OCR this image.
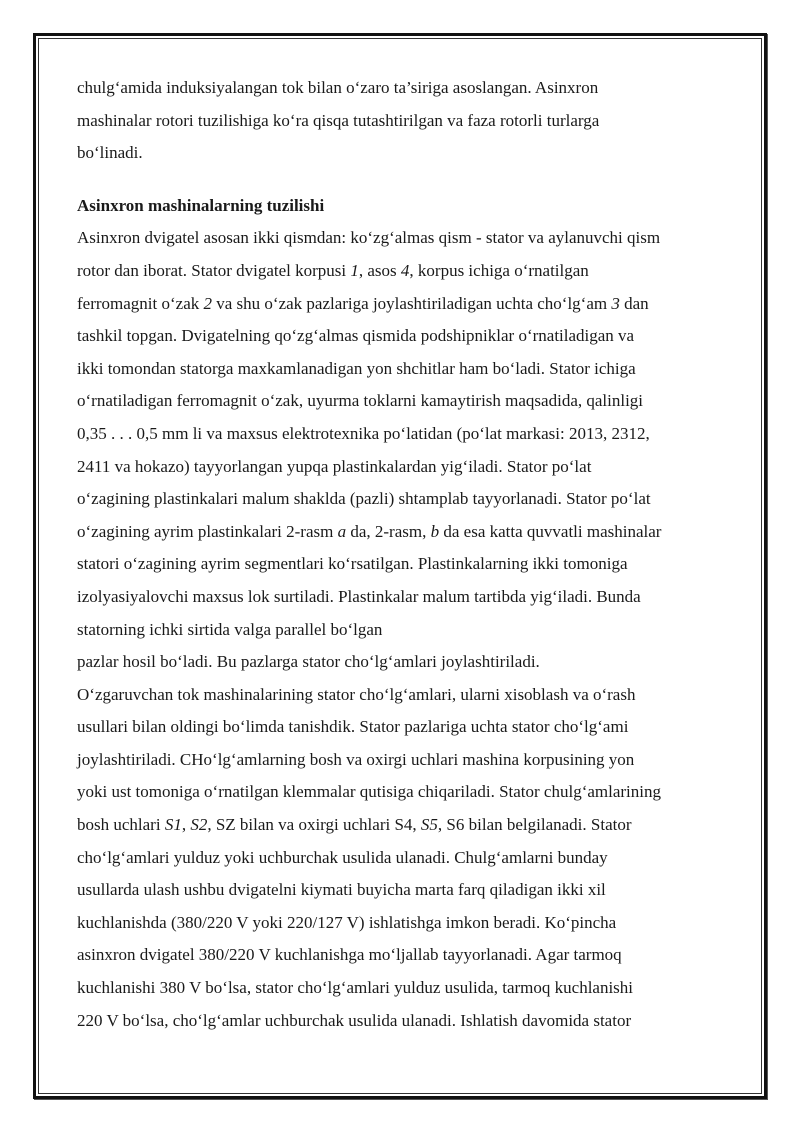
chulg‘amida induksiyalangan tok bilan o‘zaro ta’siriga asoslangan. Asinxron
mashinalar rotori tuzilishiga ko‘ra qisqa tutashtirilgan va faza rotorli turlarga
bo‘linadi.
Asinxron mashinalarning tuzilishi
Asinxron dvigatel asosan ikki qismdan: ko‘zg‘almas qism - stator va aylanuvchi qism
rotor dan iborat. Stator dvigatel korpusi 1, asos 4, korpus ichiga o‘rnatilgan
ferromagnit o‘zak 2 va shu o‘zak pazlariga joylashtiriladigan uchta cho‘lg‘am 3 dan
tashkil topgan. Dvigatelning qo‘zg‘almas qismida podshipniklar o‘rnatiladigan va
ikki tomondan statorga maxkamlanadigan yon shchitlar ham bo‘ladi. Stator ichiga
o‘rnatiladigan ferromagnit o‘zak, uyurma toklarni kamaytirish maqsadida, qalinligi
0,35 . . . 0,5 mm li va maxsus elektrotexnika po‘latidan (po‘lat markasi: 2013, 2312,
2411 va hokazo) tayyorlangan yupqa plastinkalardan yig‘iladi. Stator po‘lat
o‘zagining plastinkalari malum shaklda (pazli) shtamplab tayyorlanadi. Stator po‘lat
o‘zagining ayrim plastinkalari 2-rasm a da, 2-rasm, b da esa katta quvvatli mashinalar
statori o‘zagining ayrim segmentlari ko‘rsatilgan. Plastinkalarning ikki tomoniga
izolyasiyalovchi maxsus lok surtiladi. Plastinkalar malum tartibda yig‘iladi. Bunda
statorning ichki sirtida valga parallel bo‘lgan
pazlar hosil bo‘ladi. Bu pazlarga stator cho‘lg‘amlari joylashtiriladi.
O‘zgaruvchan tok mashinalarining stator cho‘lg‘amlari, ularni xisoblash va o‘rash
usullari bilan oldingi bo‘limda tanishdik. Stator pazlariga uchta stator cho‘lg‘ami
joylashtiriladi. CHo‘lg‘amlarning bosh va oxirgi uchlari mashina korpusining yon
yoki ust tomoniga o‘rnatilgan klemmalar qutisiga chiqariladi. Stator chulg‘amlarining
bosh uchlari S1, S2, SZ bilan va oxirgi uchlari S4, S5, S6 bilan belgilanadi. Stator
cho‘lg‘amlari yulduz yoki uchburchak usulida ulanadi. Chulg‘amlarni bunday
usullarda ulash ushbu dvigatelni kiymati buyicha marta farq qiladigan ikki xil
kuchlanishda (380/220 V yoki 220/127 V) ishlatishga imkon beradi. Ko‘pincha
asinxron dvigatel 380/220 V kuchlanishga mo‘ljallab tayyorlanadi. Agar tarmoq
kuchlanishi 380 V bo‘lsa, stator cho‘lg‘amlari yulduz usulida, tarmoq kuchlanishi
220 V bo‘lsa, cho‘lg‘amlar uchburchak usulida ulanadi. Ishlatish davomida stator
